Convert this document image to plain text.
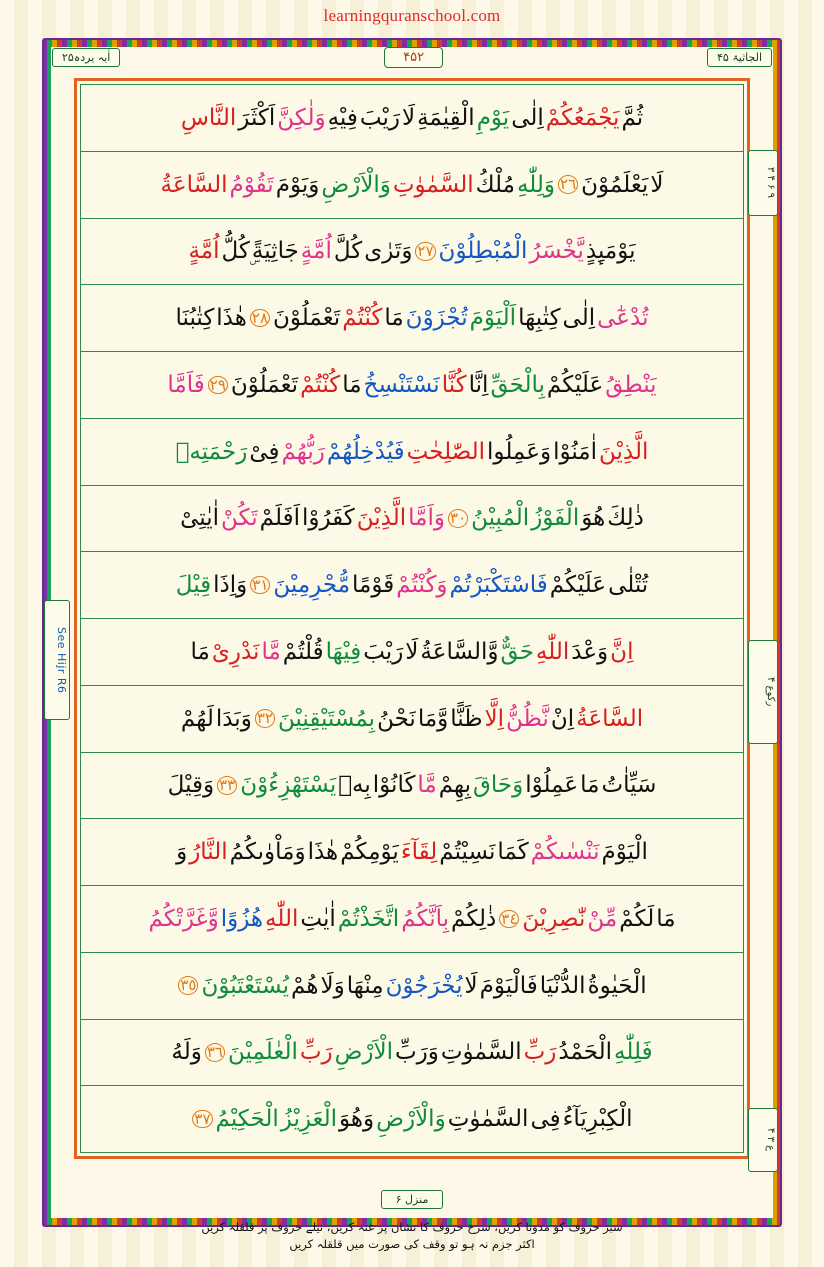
learningquranschool.com
اٰیہ یردہ۲۵	۴۵۲	الجاثیۃ ۴۵
ثُمَّ
يَجْمَعُكُمْ
اِلٰى
يَوْمِ
الْقِيٰمَةِ
لَا
رَيْبَ
فِيْهِ
وَلٰكِنَّ
اَكْثَرَ
النَّاسِ
لَا
يَعْلَمُوْنَ
٢٦
وَلِلّٰهِ
مُلْكُ
السَّمٰوٰتِ
وَالْاَرْضِ
وَيَوْمَ
تَقُوْمُ
السَّاعَةُ
يَوْمَىِٕذٍ
يَّخْسَرُ
الْمُبْطِلُوْنَ
٢٧
وَتَرٰى
كُلَّ
اُمَّةٍ
جَاثِيَةً
ۣكُلُّ
اُمَّةٍ
تُدْعٰٓى
اِلٰى
كِتٰبِهَا
اَلْيَوْمَ
تُجْزَوْنَ
مَا
كُنْتُمْ
تَعْمَلُوْنَ
٢٨
هٰذَا
كِتٰبُنَا
يَنْطِقُ
عَلَيْكُمْ
بِالْحَقِّ
اِنَّا
كُنَّا
نَسْتَنْسِخُ
مَا
كُنْتُمْ
تَعْمَلُوْنَ
٢٩
فَاَمَّا
الَّذِيْنَ
اٰمَنُوْا
وَعَمِلُوا
الصّٰلِحٰتِ
فَيُدْخِلُهُمْ
رَبُّهُمْ
فِىْ
رَحْمَتِهٖ
ذٰلِكَ
هُوَ
الْفَوْزُ
الْمُبِيْنُ
٣٠
وَاَمَّا
الَّذِيْنَ
كَفَرُوْا
اَفَلَمْ
تَكُنْ
اٰيٰتِىْ
تُتْلٰى
عَلَيْكُمْ
فَاسْتَكْبَرْتُمْ
وَكُنْتُمْ
قَوْمًا
مُّجْرِمِيْنَ
٣١
وَاِذَا
قِيْلَ
اِنَّ
وَعْدَ
اللّٰهِ
حَقٌّ
وَّالسَّاعَةُ
لَا
رَيْبَ
فِيْهَا
قُلْتُمْ
مَّا
نَدْرِىْ
مَا
السَّاعَةُ
اِنْ
نَّظُنُّ
اِلَّا
ظَنًّا
وَّمَا
نَحْنُ
بِمُسْتَيْقِنِيْنَ
٣٢
وَبَدَا
لَهُمْ
سَيِّاٰتُ
مَا
عَمِلُوْا
وَحَاقَ
بِهِمْ
مَّا
كَانُوْا
بِهٖ
يَسْتَهْزِءُوْنَ
٣٣
وَقِيْلَ
الْيَوْمَ
نَنْسٰىكُمْ
كَمَا
نَسِيْتُمْ
لِقَآءَ
يَوْمِكُمْ
هٰذَا
وَمَاْوٰىكُمُ
النَّارُ
وَ
مَا
لَكُمْ
مِّنْ
نّٰصِرِيْنَ
٣٤
ذٰلِكُمْ
بِاَنَّكُمُ
اتَّخَذْتُمْ
اٰيٰتِ
اللّٰهِ
هُزُوًا
وَّغَرَّتْكُمُ
الْحَيٰوةُ
الدُّنْيَا
فَالْيَوْمَ
لَا
يُخْرَجُوْنَ
مِنْهَا
وَلَا
هُمْ
يُسْتَعْتَبُوْنَ
٣٥
فَلِلّٰهِ
الْحَمْدُ
رَبِّ
السَّمٰوٰتِ
وَرَبِّ
الْاَرْضِ
رَبِّ
الْعٰلَمِيْنَ
٣٦
وَلَهُ
الْكِبْرِيَآءُ
فِى
السَّمٰوٰتِ
وَالْاَرْضِ
وَهُوَ
الْعَزِيْزُ
الْحَكِيْمُ
٣٧
۳ ۴ ۶ ۹
رکوع ۴
۴ ع ۳
See Hijr R6
منزل ۶
سبز حروف کو مدونا کریں، سرخ حروف کا نشان پر غنہ کریں، نیلے حروف پر قلقلہ کریں
اکثر جزم نہ ہو تو وقف کی صورت میں قلقلہ کریں
